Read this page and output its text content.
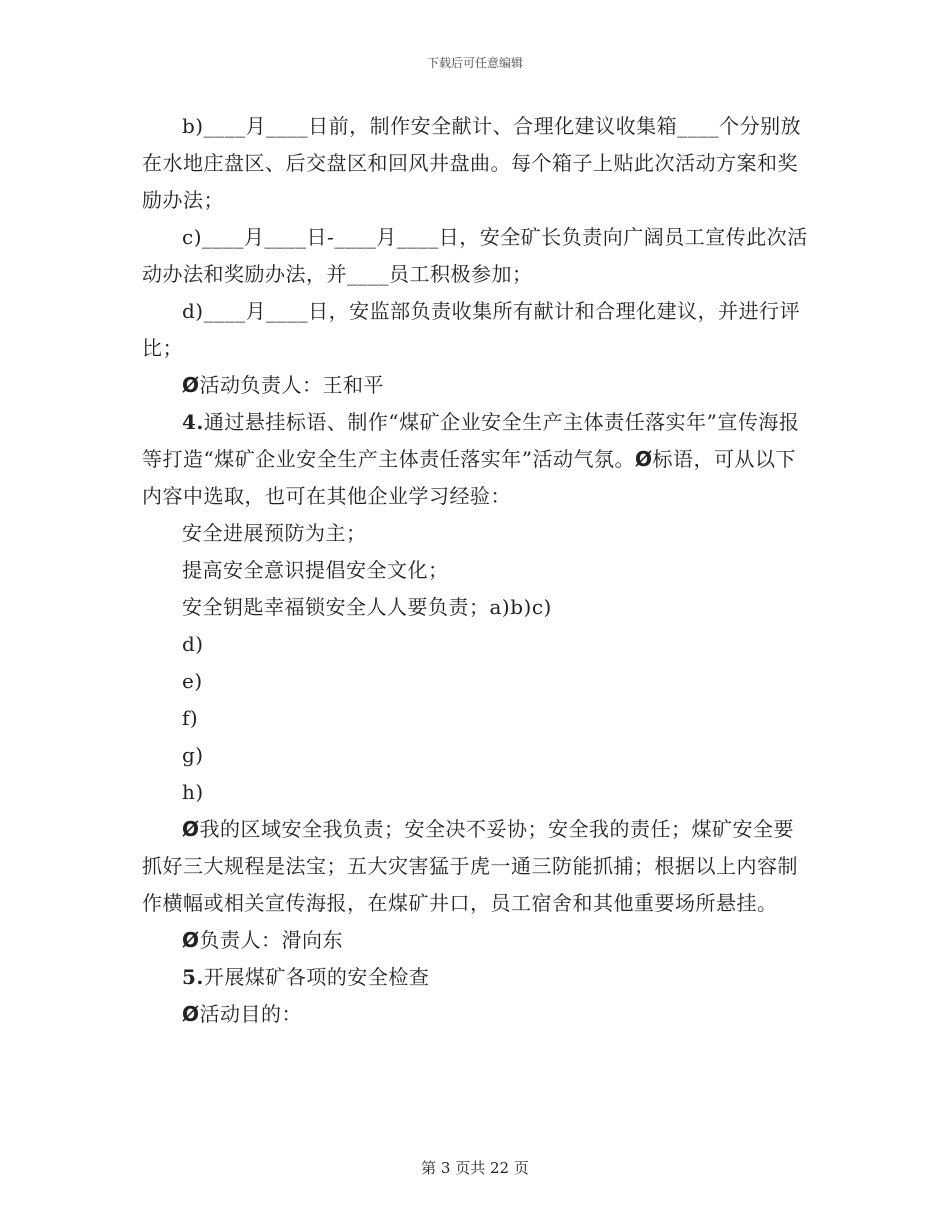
下载后可任意编辑

b)____月____日前，制作安全献计、合理化建议收集箱____个分别放在水地庄盘区、后交盘区和回风井盘曲。每个箱子上贴此次活动方案和奖励办法；

c)____月____日-____月____日，安全矿长负责向广阔员工宣传此次活动办法和奖励办法，并____员工积极参加；

d)____月____日，安监部负责收集所有献计和合理化建议，并进行评比；

Ø活动负责人：王和平

4.通过悬挂标语、制作“煤矿企业安全生产主体责任落实年”宣传海报等打造“煤矿企业安全生产主体责任落实年”活动气氛。Ø标语，可从以下内容中选取，也可在其他企业学习经验：

安全进展预防为主；

提高安全意识提倡安全文化；

安全钥匙幸福锁安全人人要负责；a)b)c)

d)

e)

f)

g)

h)

Ø我的区域安全我负责；安全决不妥协；安全我的责任；煤矿安全要抓好三大规程是法宝；五大灾害猛于虎一通三防能抓捕；根据以上内容制作横幅或相关宣传海报，在煤矿井口，员工宿舍和其他重要场所悬挂。

Ø负责人：滑向东

5.开展煤矿各项的安全检查

Ø活动目的：

第 3 页共 22 页
